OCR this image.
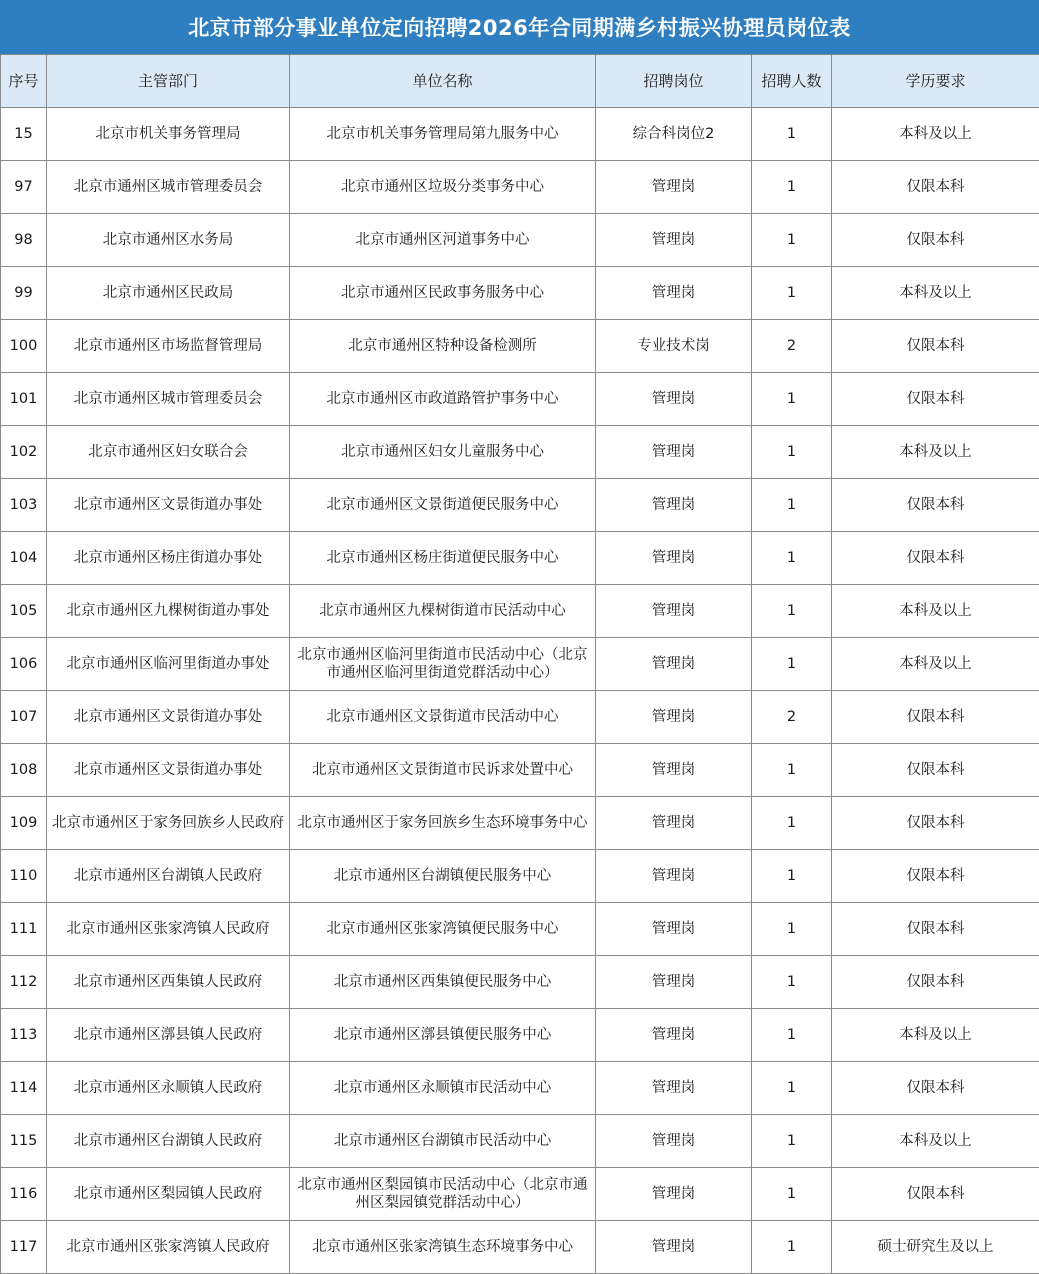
北京市部分事业单位定向招聘2026年合同期满乡村振兴协理员岗位表
序号	主管部门	单位名称	招聘岗位	招聘人数	学历要求
15	北京市机关事务管理局	北京市机关事务管理局第九服务中心	综合科岗位2	1	本科及以上
97	北京市通州区城市管理委员会	北京市通州区垃圾分类事务中心	管理岗	1	仅限本科
98	北京市通州区水务局	北京市通州区河道事务中心	管理岗	1	仅限本科
99	北京市通州区民政局	北京市通州区民政事务服务中心	管理岗	1	本科及以上
100	北京市通州区市场监督管理局	北京市通州区特种设备检测所	专业技术岗	2	仅限本科
101	北京市通州区城市管理委员会	北京市通州区市政道路管护事务中心	管理岗	1	仅限本科
102	北京市通州区妇女联合会	北京市通州区妇女儿童服务中心	管理岗	1	本科及以上
103	北京市通州区文景街道办事处	北京市通州区文景街道便民服务中心	管理岗	1	仅限本科
104	北京市通州区杨庄街道办事处	北京市通州区杨庄街道便民服务中心	管理岗	1	仅限本科
105	北京市通州区九棵树街道办事处	北京市通州区九棵树街道市民活动中心	管理岗	1	本科及以上
106	北京市通州区临河里街道办事处	北京市通州区临河里街道市民活动中心（北京市通州区临河里街道党群活动中心）	管理岗	1	本科及以上
107	北京市通州区文景街道办事处	北京市通州区文景街道市民活动中心	管理岗	2	仅限本科
108	北京市通州区文景街道办事处	北京市通州区文景街道市民诉求处置中心	管理岗	1	仅限本科
109	北京市通州区于家务回族乡人民政府	北京市通州区于家务回族乡生态环境事务中心	管理岗	1	仅限本科
110	北京市通州区台湖镇人民政府	北京市通州区台湖镇便民服务中心	管理岗	1	仅限本科
111	北京市通州区张家湾镇人民政府	北京市通州区张家湾镇便民服务中心	管理岗	1	仅限本科
112	北京市通州区西集镇人民政府	北京市通州区西集镇便民服务中心	管理岗	1	仅限本科
113	北京市通州区漷县镇人民政府	北京市通州区漷县镇便民服务中心	管理岗	1	本科及以上
114	北京市通州区永顺镇人民政府	北京市通州区永顺镇市民活动中心	管理岗	1	仅限本科
115	北京市通州区台湖镇人民政府	北京市通州区台湖镇市民活动中心	管理岗	1	本科及以上
116	北京市通州区梨园镇人民政府	北京市通州区梨园镇市民活动中心（北京市通州区梨园镇党群活动中心）	管理岗	1	仅限本科
117	北京市通州区张家湾镇人民政府	北京市通州区张家湾镇生态环境事务中心	管理岗	1	硕士研究生及以上
